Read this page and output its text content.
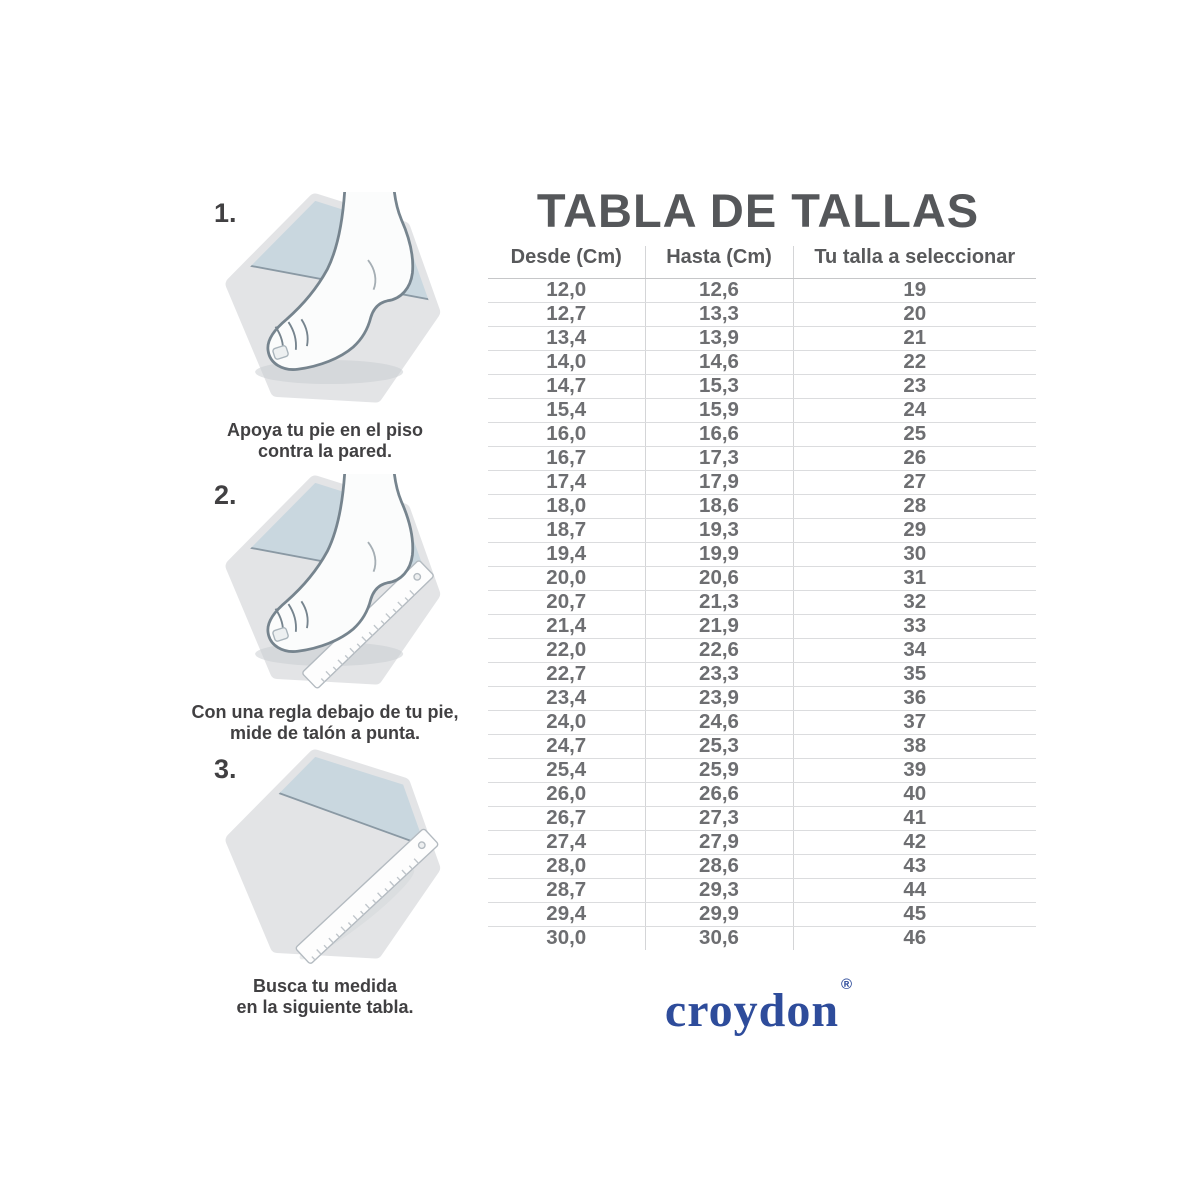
1.
Apoya tu pie en el piso
contra la pared.
2.
Con una regla debajo de tu pie,
mide de talón a punta.
3.
Busca tu medida
en la siguiente tabla.
TABLA DE TALLAS
Desde (Cm)	Hasta (Cm)	Tu talla a seleccionar
12,0	12,6	19
12,7	13,3	20
13,4	13,9	21
14,0	14,6	22
14,7	15,3	23
15,4	15,9	24
16,0	16,6	25
16,7	17,3	26
17,4	17,9	27
18,0	18,6	28
18,7	19,3	29
19,4	19,9	30
20,0	20,6	31
20,7	21,3	32
21,4	21,9	33
22,0	22,6	34
22,7	23,3	35
23,4	23,9	36
24,0	24,6	37
24,7	25,3	38
25,4	25,9	39
26,0	26,6	40
26,7	27,3	41
27,4	27,9	42
28,0	28,6	43
28,7	29,3	44
29,4	29,9	45
30,0	30,6	46
croydon ®
